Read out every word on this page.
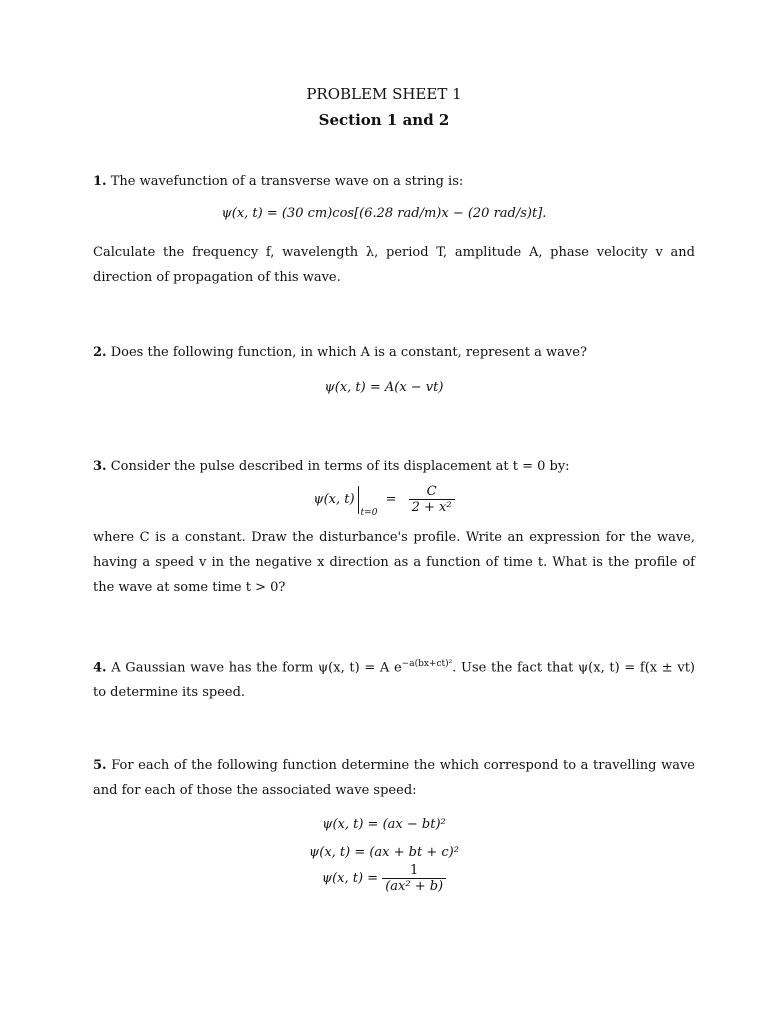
PROBLEM SHEET 1
Section 1 and 2
1. The wavefunction of a transverse wave on a string is:
ψ(x, t) = (30 cm)cos[(6.28 rad/m)x − (20 rad/s)t].
Calculate the frequency f, wavelength λ, period T, amplitude A, phase velocity v and direction of propagation of this wave.
2. Does the following function, in which A is a constant, represent a wave?
ψ(x, t) = A(x − vt)
3. Consider the pulse described in terms of its displacement at t = 0 by:
ψ(x, $t)_{t=0} = \frac{C}{\text{2 + x²}}$
where C is a constant. Draw the disturbance's profile. Write an expression for the wave, having a speed v in the negative x direction as a function of time t. What is the profile of the wave at some time t > 0?
4. A Gaussian wave has the form ψ(x, t) = A $e^{-a(bx+ct)^2}$. Use the fact that ψ(x, t) = f(x ± vt) to determine its speed.
5. For each of the following function determine the which correspond to a travelling wave and for each of those the associated wave speed:
ψ(x, t) = (ax − bt)²
ψ(x, t) = (ax + bt + c)²
ψ(x, $t) = \frac{1}{\text{(ax² + b)}}$
